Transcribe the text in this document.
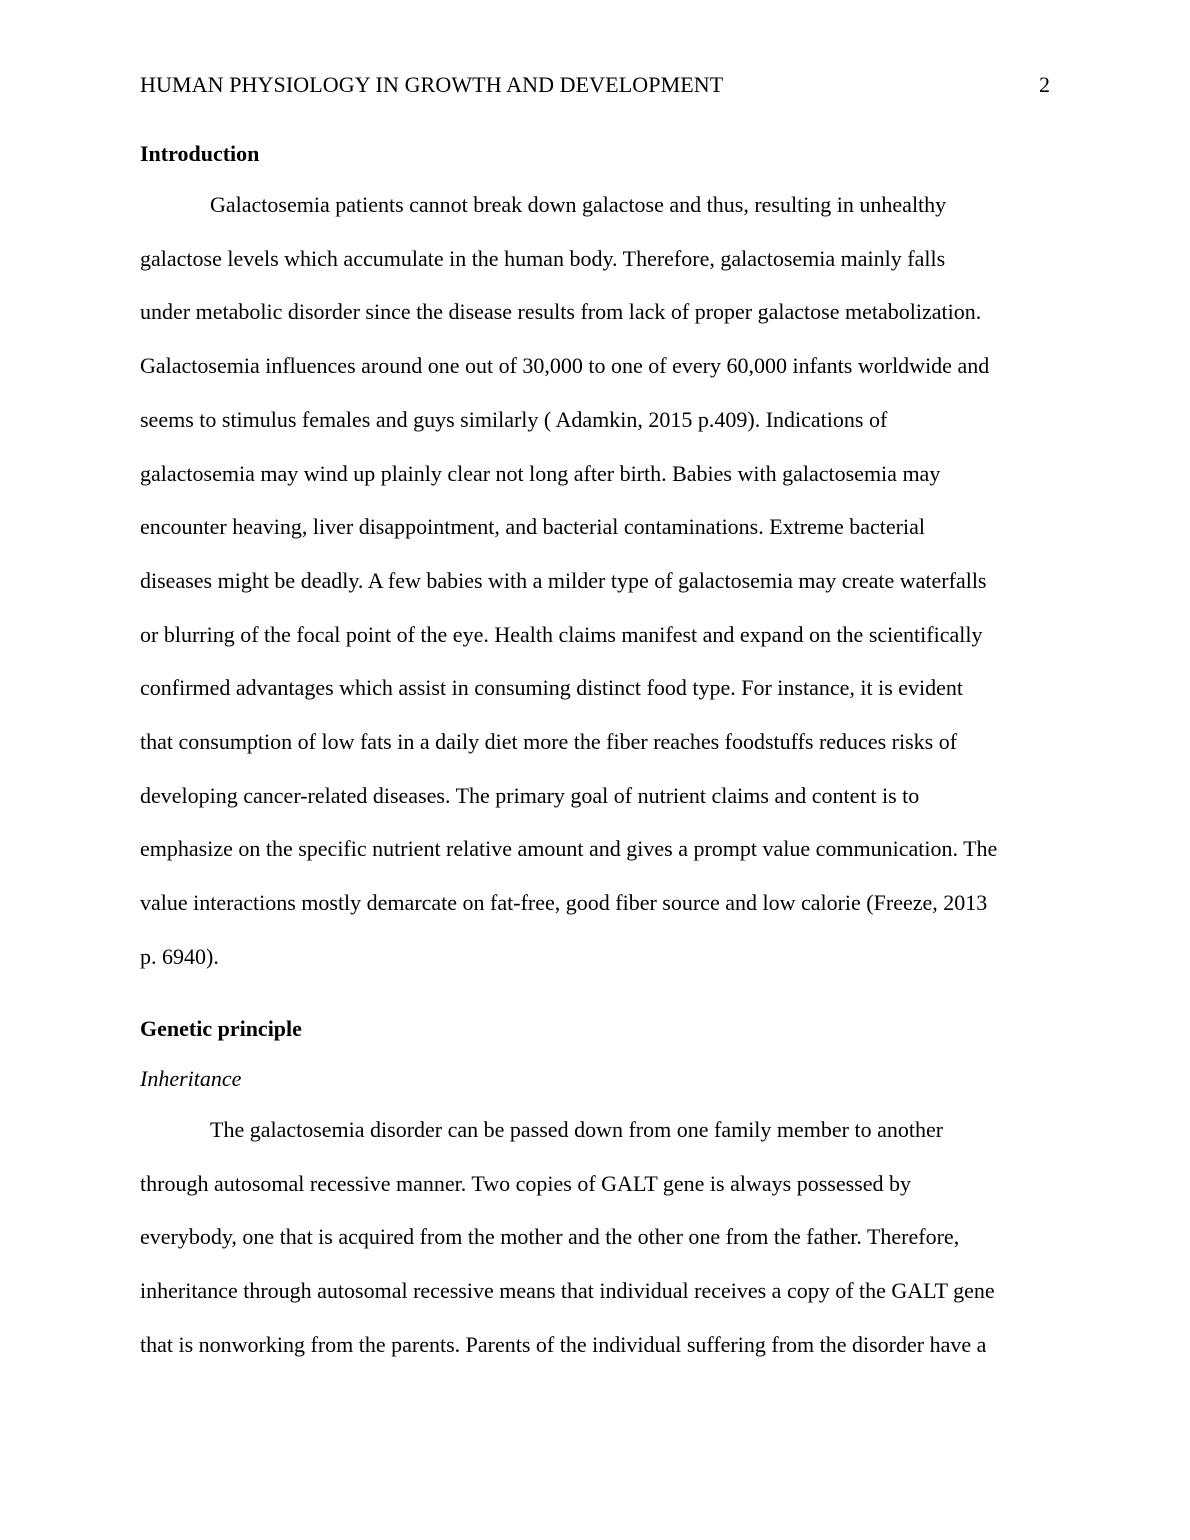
HUMAN PHYSIOLOGY IN GROWTH AND DEVELOPMENT	2
Introduction
Galactosemia patients cannot break down galactose and thus, resulting in unhealthy
galactose levels which accumulate in the human body. Therefore, galactosemia mainly falls
under metabolic disorder since the disease results from lack of proper galactose metabolization.
Galactosemia influences around one out of 30,000 to one of every 60,000 infants worldwide and
seems to stimulus females and guys similarly ( Adamkin, 2015 p.409). Indications of
galactosemia may wind up plainly clear not long after birth. Babies with galactosemia may
encounter heaving, liver disappointment, and bacterial contaminations. Extreme bacterial
diseases might be deadly. A few babies with a milder type of galactosemia may create waterfalls
or blurring of the focal point of the eye. Health claims manifest and expand on the scientifically
confirmed advantages which assist in consuming distinct food type. For instance, it is evident
that consumption of low fats in a daily diet more the fiber reaches foodstuffs reduces risks of
developing cancer-related diseases. The primary goal of nutrient claims and content is to
emphasize on the specific nutrient relative amount and gives a prompt value communication. The
value interactions mostly demarcate on fat-free, good fiber source and low calorie (Freeze, 2013
p. 6940).
Genetic principle
Inheritance
The galactosemia disorder can be passed down from one family member to another
through autosomal recessive manner. Two copies of GALT gene is always possessed by
everybody, one that is acquired from the mother and the other one from the father. Therefore,
inheritance through autosomal recessive means that individual receives a copy of the GALT gene
that is nonworking from the parents. Parents of the individual suffering from the disorder have a
